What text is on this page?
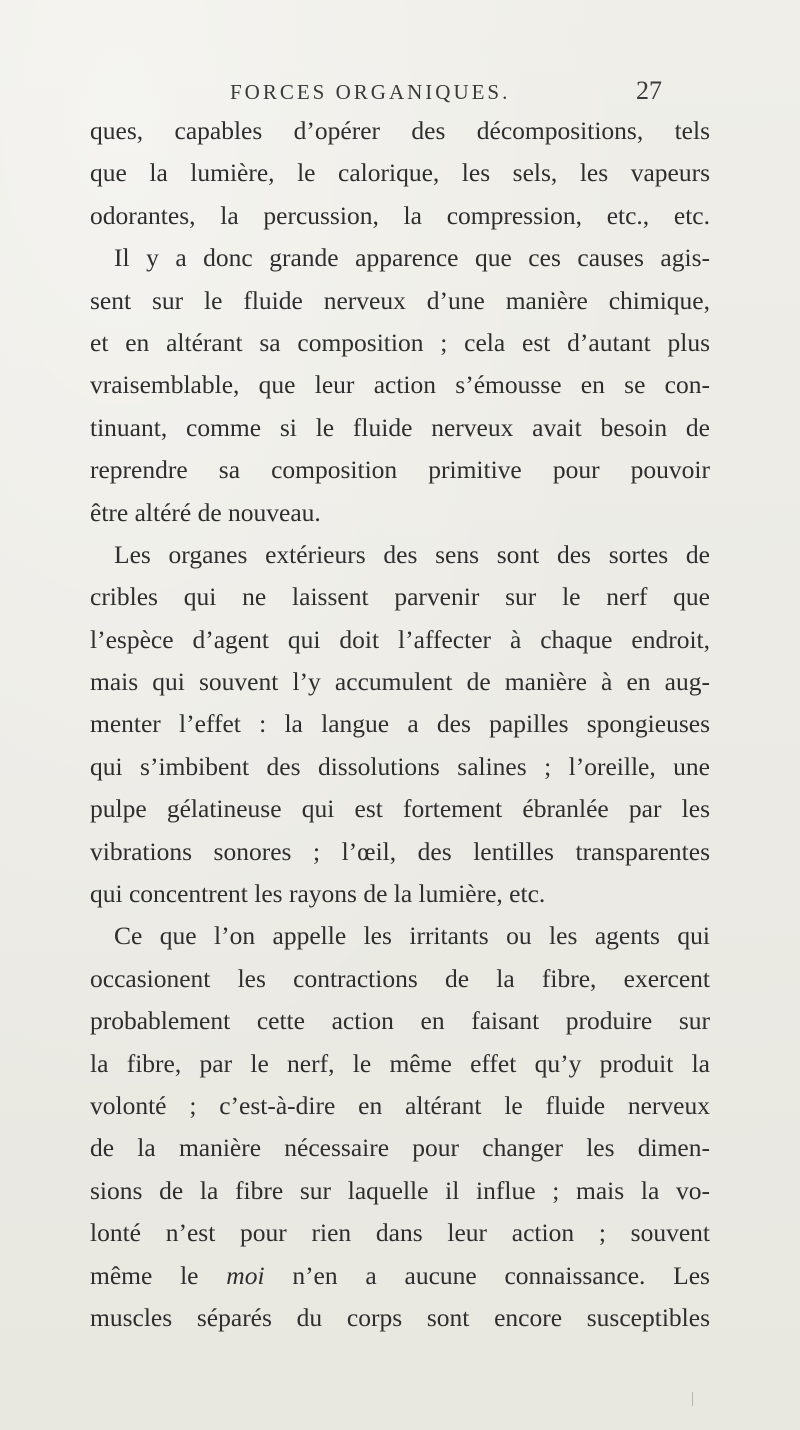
FORCES ORGANIQUES.	27
ques, capables d’opérer des décompositions, tels
que la lumière, le calorique, les sels, les vapeurs
odorantes, la percussion, la compression, etc., etc.
Il y a donc grande apparence que ces causes agis-
sent sur le fluide nerveux d’une manière chimique,
et en altérant sa composition ; cela est d’autant plus
vraisemblable, que leur action s’émousse en se con-
tinuant, comme si le fluide nerveux avait besoin de
reprendre sa composition primitive pour pouvoir
être altéré de nouveau.
Les organes extérieurs des sens sont des sortes de
cribles qui ne laissent parvenir sur le nerf que
l’espèce d’agent qui doit l’affecter à chaque endroit,
mais qui souvent l’y accumulent de manière à en aug-
menter l’effet : la langue a des papilles spongieuses
qui s’imbibent des dissolutions salines ; l’oreille, une
pulpe gélatineuse qui est fortement ébranlée par les
vibrations sonores ; l’œil, des lentilles transparentes
qui concentrent les rayons de la lumière, etc.
Ce que l’on appelle les irritants ou les agents qui
occasionent les contractions de la fibre, exercent
probablement cette action en faisant produire sur
la fibre, par le nerf, le même effet qu’y produit la
volonté ; c’est-à-dire en altérant le fluide nerveux
de la manière nécessaire pour changer les dimen-
sions de la fibre sur laquelle il influe ; mais la vo-
lonté n’est pour rien dans leur action ; souvent
même le moi n’en a aucune connaissance. Les
muscles séparés du corps sont encore susceptibles
